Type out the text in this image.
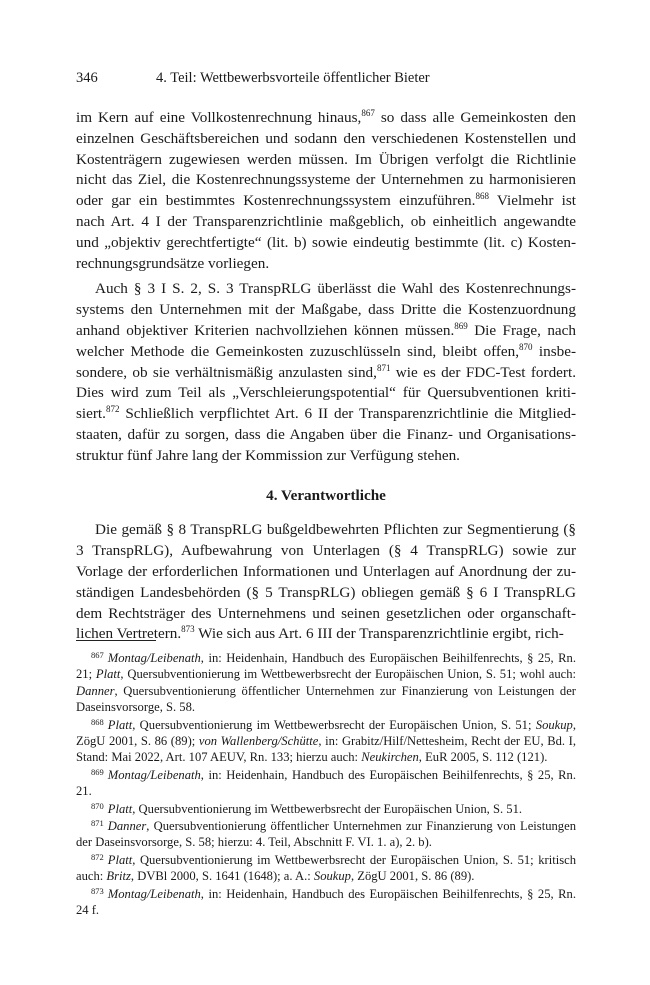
346	4. Teil: Wettbewerbsvorteile öffentlicher Bieter

im Kern auf eine Vollkostenrechnung hinaus,$^{867}$ so dass alle Gemeinkosten den einzelnen Geschäftsbereichen und sodann den verschiedenen Kostenstellen und Kostenträgern zugewiesen werden müssen. Im Übrigen verfolgt die Richtlinie nicht das Ziel, die Kostenrechnungssysteme der Unternehmen zu harmonisieren oder gar ein bestimmtes Kostenrechnungssystem einzuführen.$^{868}$ Vielmehr ist nach Art. 4 I der Transparenzrichtlinie maßgeblich, ob einheitlich angewandte und „objektiv gerechtfertigte“ (lit. b) sowie eindeutig bestimmte (lit. c) Kostenrechnungsgrundsätze vorliegen.

Auch § 3 I S. 2, S. 3 TranspRLG überlässt die Wahl des Kostenrechnungssystems den Unternehmen mit der Maßgabe, dass Dritte die Kostenzuordnung anhand objektiver Kriterien nachvollziehen können müssen.$^{869}$ Die Frage, nach welcher Methode die Gemeinkosten zuzuschlüsseln sind, bleibt offen,$^{870}$ insbesondere, ob sie verhältnismäßig anzulasten sind,$^{871}$ wie es der FDC-Test fordert. Dies wird zum Teil als „Verschleierungspotential“ für Quersubventionen kritisiert.$^{872}$ Schließlich verpflichtet Art. 6 II der Transparenzrichtlinie die Mitgliedstaaten, dafür zu sorgen, dass die Angaben über die Finanz- und Organisationsstruktur fünf Jahre lang der Kommission zur Verfügung stehen.

4. Verantwortliche

Die gemäß § 8 TranspRLG bußgeldbewehrten Pflichten zur Segmentierung (§ 3 TranspRLG), Aufbewahrung von Unterlagen (§ 4 TranspRLG) sowie zur Vorlage der erforderlichen Informationen und Unterlagen auf Anordnung der zuständigen Landesbehörden (§ 5 TranspRLG) obliegen gemäß § 6 I TranspRLG dem Rechtsträger des Unternehmens und seinen gesetzlichen oder organschaftlichen Vertretern.$^{873}$ Wie sich aus Art. 6 III der Transparenzrichtlinie ergibt, rich-

$^{867}$ Montag/Leibenath, in: Heidenhain, Handbuch des Europäischen Beihilfenrechts, § 25, Rn. 21; Platt, Quersubventionierung im Wettbewerbsrecht der Europäischen Union, S. 51; wohl auch: Danner, Quersubventionierung öffentlicher Unternehmen zur Finanzierung von Leistungen der Daseinsvorsorge, S. 58.

$^{868}$ Platt, Quersubventionierung im Wettbewerbsrecht der Europäischen Union, S. 51; Soukup, ZögU 2001, S. 86 (89); von Wallenberg/Schütte, in: Grabitz/Hilf/Nettesheim, Recht der EU, Bd. I, Stand: Mai 2022, Art. 107 AEUV, Rn. 133; hierzu auch: Neukirchen, EuR 2005, S. 112 (121).

$^{869}$ Montag/Leibenath, in: Heidenhain, Handbuch des Europäischen Beihilfenrechts, § 25, Rn. 21.

$^{870}$ Platt, Quersubventionierung im Wettbewerbsrecht der Europäischen Union, S. 51.

$^{871}$ Danner, Quersubventionierung öffentlicher Unternehmen zur Finanzierung von Leistungen der Daseinsvorsorge, S. 58; hierzu: 4. Teil, Abschnitt F. VI. 1. a), 2. b).

$^{872}$ Platt, Quersubventionierung im Wettbewerbsrecht der Europäischen Union, S. 51; kritisch auch: Britz, DVBl 2000, S. 1641 (1648); a. A.: Soukup, ZögU 2001, S. 86 (89).

$^{873}$ Montag/Leibenath, in: Heidenhain, Handbuch des Europäischen Beihilfenrechts, § 25, Rn. 24 f.
